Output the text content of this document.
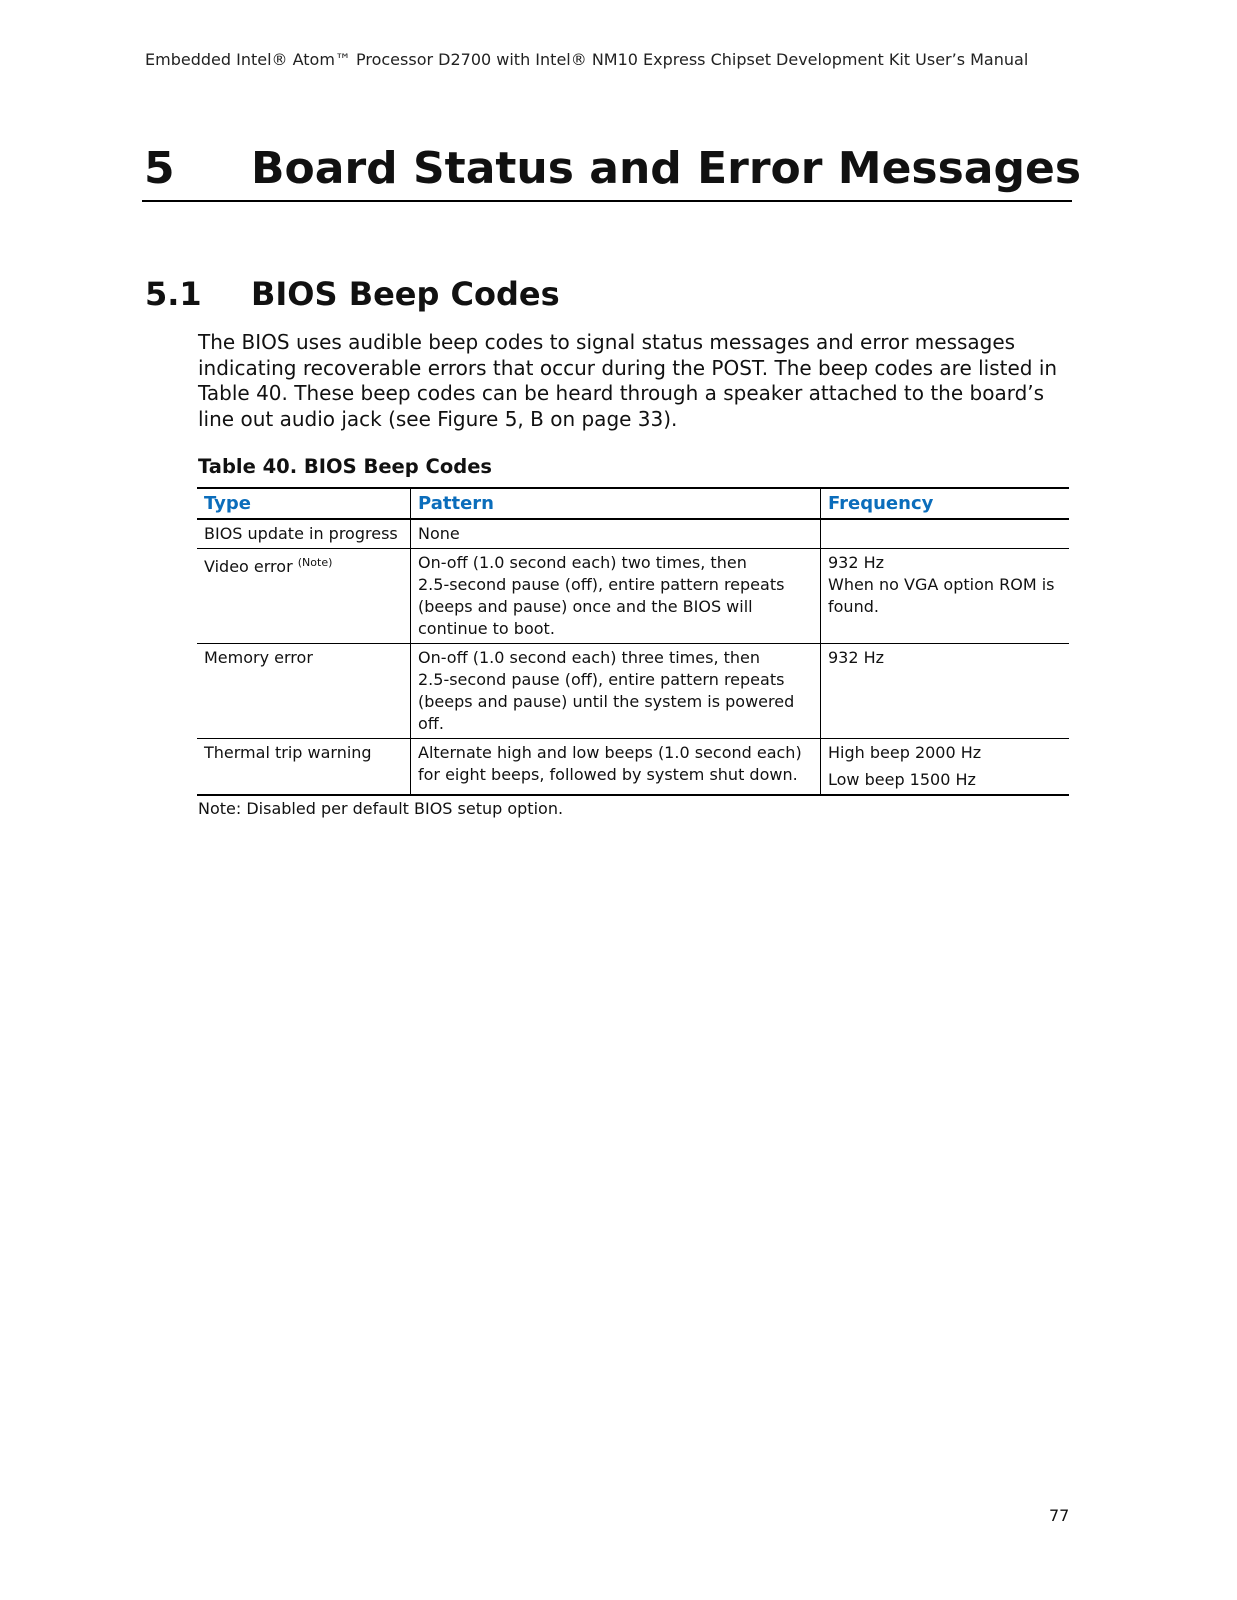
Embedded Intel® Atom™ Processor D2700 with Intel® NM10 Express Chipset Development Kit User’s Manual
5 Board Status and Error Messages
5.1 BIOS Beep Codes
The BIOS uses audible beep codes to signal status messages and error messages
indicating recoverable errors that occur during the POST. The beep codes are listed in
Table 40. These beep codes can be heard through a speaker attached to the board’s
line out audio jack (see Figure 5, B on page 33).
Table 40. BIOS Beep Codes
Type	Pattern	Frequency
BIOS update in progress	None	

Video error $^{(Note)}$	On-off (1.0 second each) two times, then
2.5-second pause (off), entire pattern repeats
(beeps and pause) once and the BIOS will
continue to boot.	932 Hz
When no VGA option ROM is
found.

Memory error	On-off (1.0 second each) three times, then
2.5-second pause (off), entire pattern repeats
(beeps and pause) until the system is powered
off.	932 Hz

Thermal trip warning	Alternate high and low beeps (1.0 second each)
for eight beeps, followed by system shut down.	High beep 2000 Hz
Low beep 1500 Hz
Note: Disabled per default BIOS setup option.
77
